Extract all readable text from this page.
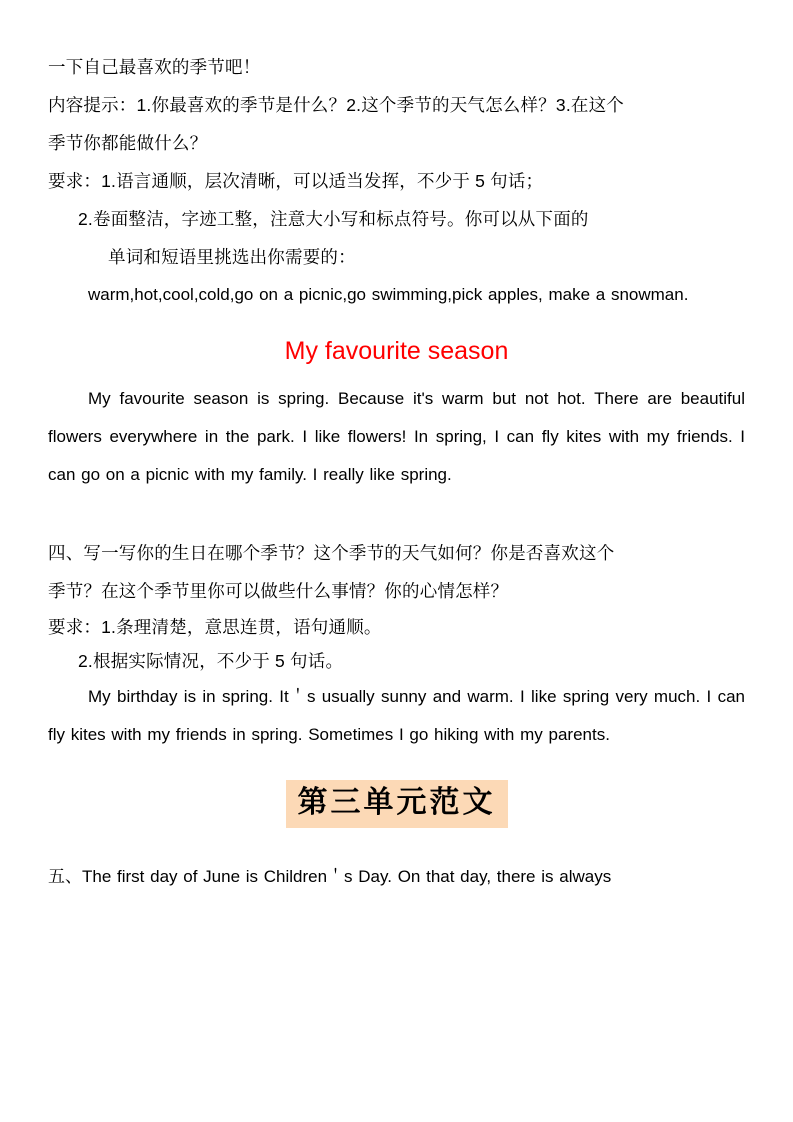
一下自己最喜欢的季节吧！
内容提示：1.你最喜欢的季节是什么？2.这个季节的天气怎么样？3.在这个
季节你都能做什么？
要求：1.语言通顺，层次清晰，可以适当发挥，不少于 5 句话；
2.卷面整洁，字迹工整，注意大小写和标点符号。你可以从下面的
单词和短语里挑选出你需要的：
warm,hot,cool,cold,go on a picnic,go swimming,pick apples, make a snowman.
My favourite season
My favourite season is spring. Because it's warm but not hot. There are beautiful flowers everywhere in the park. I like flowers! In spring, I can fly kites with my friends. I can go on a picnic with my family. I really like spring.
四、写一写你的生日在哪个季节？这个季节的天气如何？你是否喜欢这个
季节？在这个季节里你可以做些什么事情？你的心情怎样？
要求：1.条理清楚，意思连贯，语句通顺。
2.根据实际情况，不少于 5 句话。
My birthday is in spring. It＇s usually sunny and warm. I like spring very much. I can fly kites with my friends in spring. Sometimes I go hiking with my parents.
第三单元范文
五、The first day of June is Children＇s Day. On that day, there is always
